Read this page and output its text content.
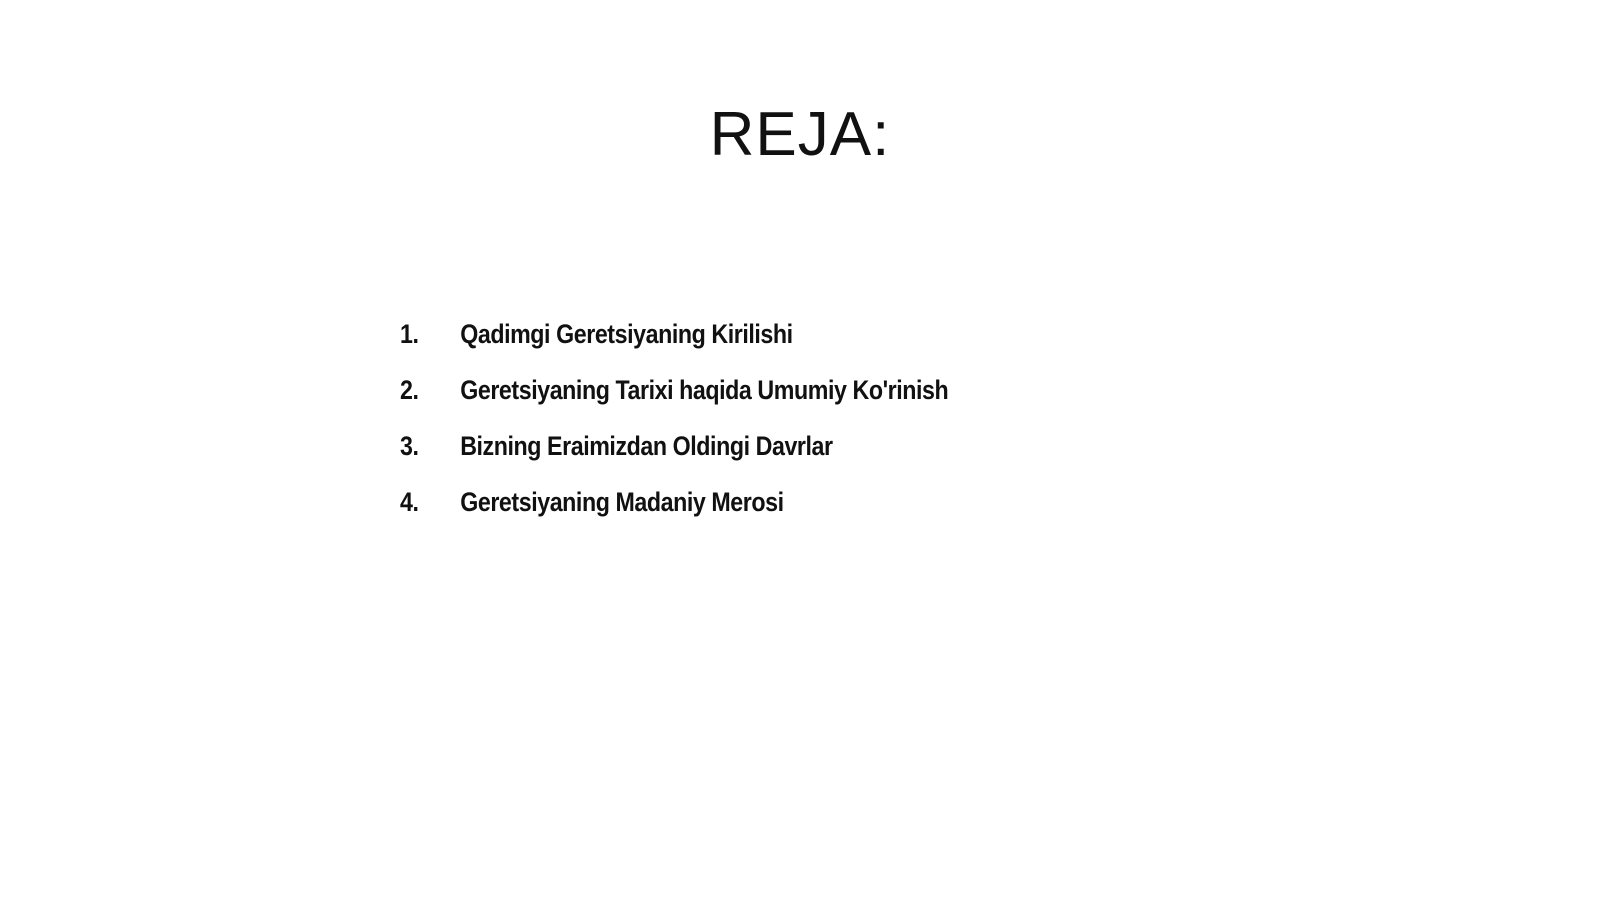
REJA:
1.	Qadimgi Geretsiyaning Kirilishi
2.	Geretsiyaning Tarixi haqida Umumiy Ko'rinish
3.	Bizning Eraimizdan Oldingi Davrlar
4.	Geretsiyaning Madaniy Merosi
